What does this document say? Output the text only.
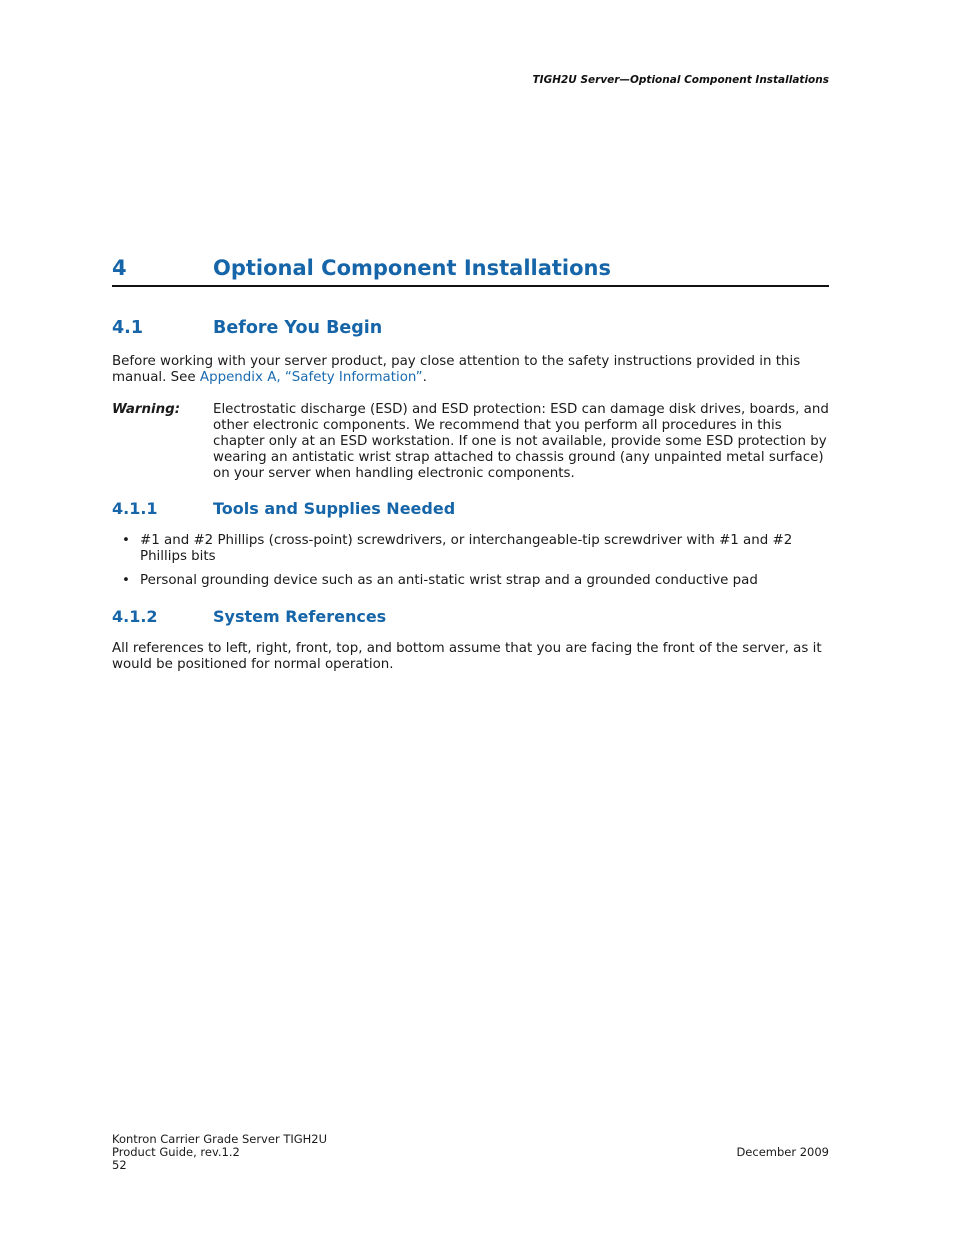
TIGH2U Server—Optional Component Installations
4	Optional Component Installations
4.1	Before You Begin

Before working with your server product, pay close attention to the safety instructions provided in this manual. See Appendix A, “Safety Information”.

Warning: Electrostatic discharge (ESD) and ESD protection: ESD can damage disk drives, boards, and other electronic components. We recommend that you perform all procedures in this chapter only at an ESD workstation. If one is not available, provide some ESD protection by wearing an antistatic wrist strap attached to chassis ground (any unpainted metal surface) on your server when handling electronic components.

4.1.1	Tools and Supplies Needed
• #1 and #2 Phillips (cross-point) screwdrivers, or interchangeable-tip screwdriver with #1 and #2 Phillips bits
• Personal grounding device such as an anti-static wrist strap and a grounded conductive pad
4.1.2	System References

All references to left, right, front, top, and bottom assume that you are facing the front of the server, as it would be positioned for normal operation.

Kontron Carrier Grade Server TIGH2U
Product Guide, rev.1.2
52
December 2009
